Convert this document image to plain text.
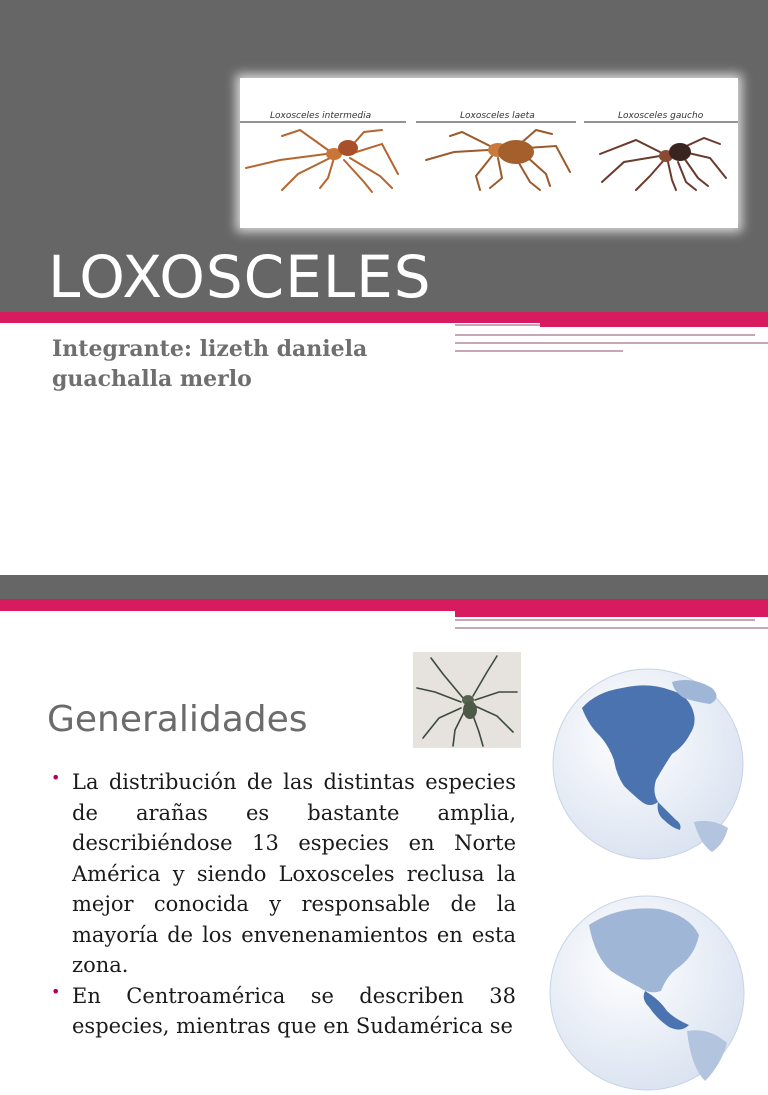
Loxosceles intermedia	Loxosceles laeta	Loxosceles gaucho
LOXOSCELES

Integrante: lizeth daniela guachalla merlo

Generalidades
• La distribución de las distintas especies de arañas es bastante amplia, describiéndose 13 especies en Norte América y siendo Loxosceles reclusa la mejor conocida y responsable de la mayoría de los envenenamientos en esta zona.
• En Centroamérica se describen 38 especies, mientras que en Sudamérica se
